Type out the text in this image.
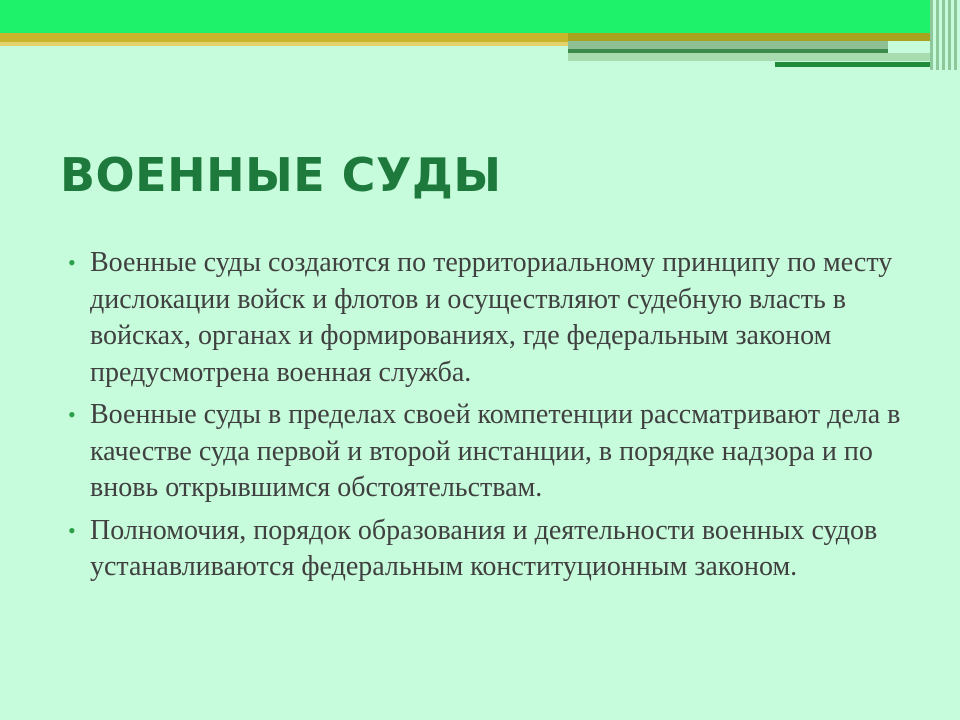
ВОЕННЫЕ СУДЫ
• Военные суды создаются по территориальному принципу по месту дислокации войск и флотов и осуществляют судебную власть в войсках, органах и формированиях, где федеральным законом предусмотрена военная служба.
• Военные суды в пределах своей компетенции рассматривают дела в качестве суда первой и второй инстанции, в порядке надзора и по вновь открывшимся обстоятельствам.
• Полномочия, порядок образования и деятельности военных судов устанавливаются федеральным конституционным законом.
